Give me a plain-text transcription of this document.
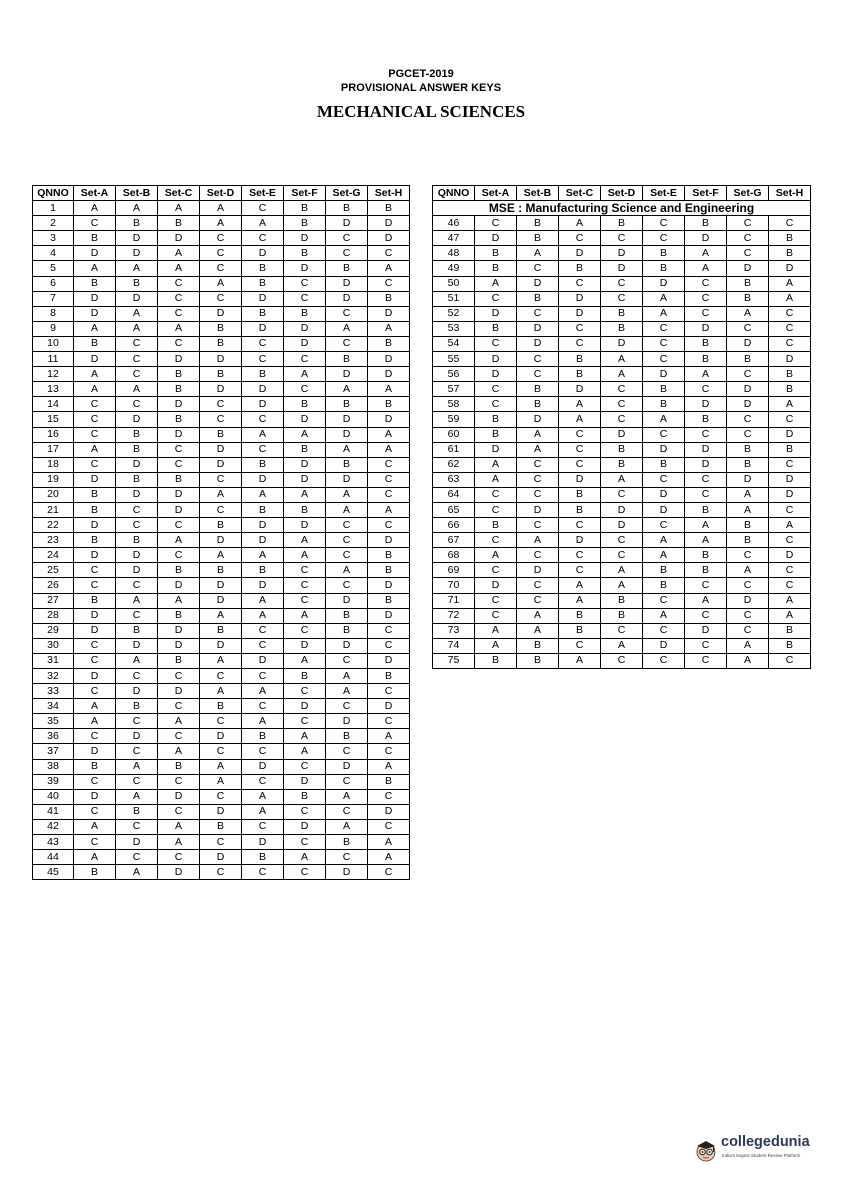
PGCET-2019
PROVISIONAL ANSWER KEYS
MECHANICAL SCIENCES
QNNO	Set-A	Set-B	Set-C	Set-D	Set-E	Set-F	Set-G	Set-H
1	A	A	A	A	C	B	B	B
2	C	B	B	A	A	B	D	D
3	B	D	D	C	C	D	C	D
4	D	D	A	C	D	B	C	C
5	A	A	A	C	B	D	B	A
6	B	B	C	A	B	C	D	C
7	D	D	C	C	D	C	D	B
8	D	A	C	D	B	B	C	D
9	A	A	A	B	D	D	A	A
10	B	C	C	B	C	D	C	B
11	D	C	D	D	C	C	B	D
12	A	C	B	B	B	A	D	D
13	A	A	B	D	D	C	A	A
14	C	C	D	C	D	B	B	B
15	C	D	B	C	C	D	D	D
16	C	B	D	B	A	A	D	A
17	A	B	C	D	C	B	A	A
18	C	D	C	D	B	D	B	C
19	D	B	B	C	D	D	D	C
20	B	D	D	A	A	A	A	C
21	B	C	D	C	B	B	A	A
22	D	C	C	B	D	D	C	C
23	B	B	A	D	D	A	C	D
24	D	D	C	A	A	A	C	B
25	C	D	B	B	B	C	A	B
26	C	C	D	D	D	C	C	D
27	B	A	A	D	A	C	D	B
28	D	C	B	A	A	A	B	D
29	D	B	D	B	C	C	B	C
30	C	D	D	D	C	D	D	C
31	C	A	B	A	D	A	C	D
32	D	C	C	C	C	B	A	B
33	C	D	D	A	A	C	A	C
34	A	B	C	B	C	D	C	D
35	A	C	A	C	A	C	D	C
36	C	D	C	D	B	A	B	A
37	D	C	A	C	C	A	C	C
38	B	A	B	A	D	C	D	A
39	C	C	C	A	C	D	C	B
40	D	A	D	C	A	B	A	C
41	C	B	C	D	A	C	C	D
42	A	C	A	B	C	D	A	C
43	C	D	A	C	D	C	B	A
44	A	C	C	D	B	A	C	A
45	B	A	D	C	C	C	D	C
QNNO	Set-A	Set-B	Set-C	Set-D	Set-E	Set-F	Set-G	Set-H
MSE : Manufacturing Science and Engineering								
46	C	B	A	B	C	B	C	C
47	D	B	C	C	C	D	C	B
48	B	A	D	D	B	A	C	B
49	B	C	B	D	B	A	D	D
50	A	D	C	C	D	C	B	A
51	C	B	D	C	A	C	B	A
52	D	C	D	B	A	C	A	C
53	B	D	C	B	C	D	C	C
54	C	D	C	D	C	B	D	C
55	D	C	B	A	C	B	B	D
56	D	C	B	A	D	A	C	B
57	C	B	D	C	B	C	D	B
58	C	B	A	C	B	D	D	A
59	B	D	A	C	A	B	C	C
60	B	A	C	D	C	C	C	D
61	D	A	C	B	D	D	B	B
62	A	C	C	B	B	D	B	C
63	A	C	D	A	C	C	D	D
64	C	C	B	C	D	C	A	D
65	C	D	B	D	D	B	A	C
66	B	C	C	D	C	A	B	A
67	C	A	D	C	A	A	B	C
68	A	C	C	C	A	B	C	D
69	C	D	C	A	B	B	A	C
70	D	C	A	A	B	C	C	C
71	C	C	A	B	C	A	D	A
72	C	A	B	B	A	C	C	A
73	A	A	B	C	C	D	C	B
74	A	B	C	A	D	C	A	B
75	B	B	A	C	C	C	A	C
collegedunia
India's largest Student Review Platform
